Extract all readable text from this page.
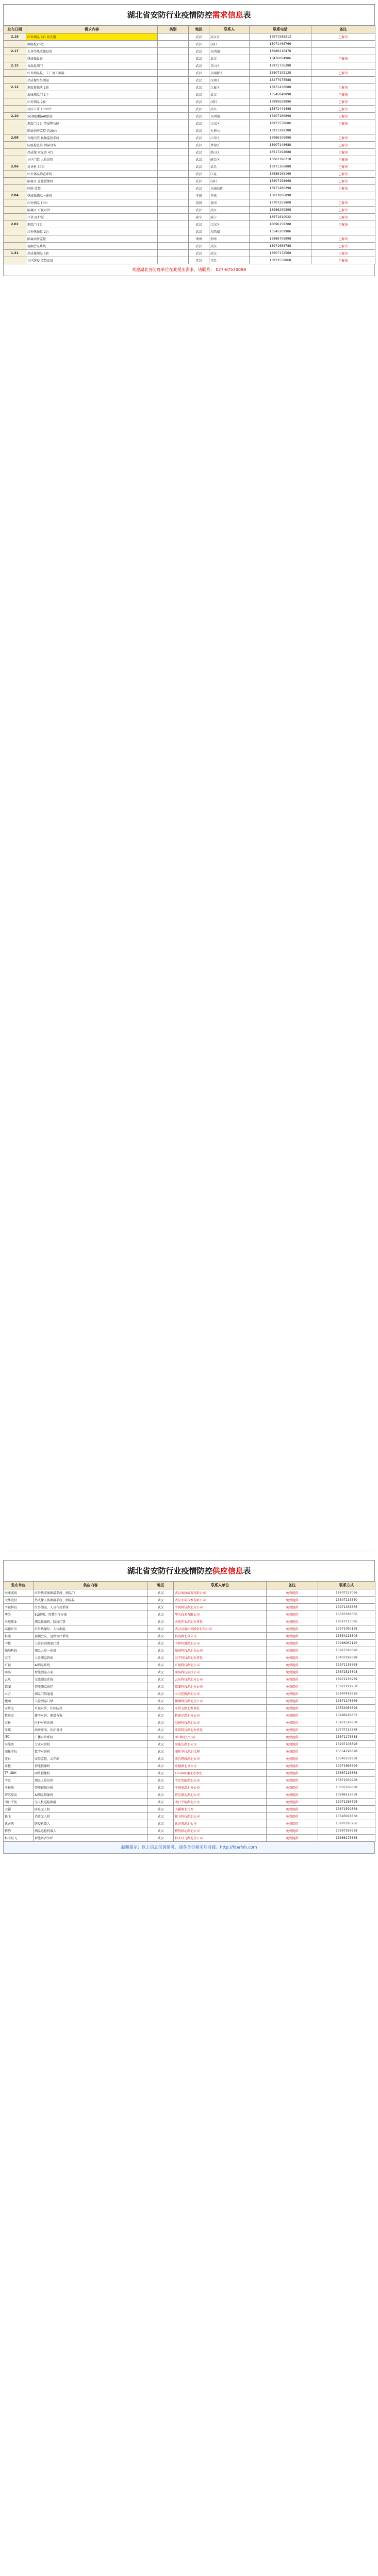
湖北省安防行业疫情防控需求信息表
发布日期	需求内容	类别	地区	联系人	联系电话	备注
2.19	红外测温 8台 双光谱		武汉	武汉市	13971588213	已解决
	额温枪20把		武汉	汉阳	15071468766	
2.17	大华等热成像设备		武汉	东西湖	18986216478	
	热成像设备		武汉	武汉	13476004986	已解决
2.15	体温检测门		武汉	青山区	13871736288	
	红外测温仪、工厂复工测温		武汉	东湖新区	13807193128	已解决
	热成像红外测温		武汉	汉南区	13277975588	
2.12	测温摄像头 1套		武汉	江夏区	13871436688	已解决
	海康测温门 1个		武汉	武汉	13545048898	已解决
	红外测温 2套		武汉	汉阳	13995628896	已解决
	社区口罩 1000个		武汉	武昌	15871441488	已解决
2.10	5G测温帽/AR眼镜		武汉	东西湖	13207186898	已解决
	测温门 2台 带报警功能		武汉	江汉区	18971558686	已解决
	隔离病房监控 约20台		武汉	火神山	13971299388	
2.08	方舱医院 视频监控系统		武汉	江岸区	13986106996	已解决
	防疫检查站 测温设备		武汉	蔡甸区	18907148688	已解决
	热成像 双光谱 4台		武汉	洪山区	13517294688	已解决
	小区门禁 人脸识别		武汉	硚口区	13607196218	已解决
2.06	对讲机 50台		武汉	武昌	13971366888	已解决
	红外体温筛查系统		武汉	江夏	13886185166	已解决
	隔离点 监控摄像机		武汉	汉阳	13307158968	已解决
	医院 监控		武汉	东湖高新	13971486298	已解决
2.04	热成像测温一体机		孝感	孝感	13872006898	
	红外测温 10台		黄冈	黄冈	13707255808	已解决
	隔离区 可视对讲		武汉	武汉	13986299398	已解决
	口罩 防护服		咸宁	咸宁	13971810022	已解决
2.02	测温门 3台		武汉	江汉区	18696158288	已解决
	红外热像仪 2台		武汉	东西湖	13545209986	
	隔离病房监控		荆州	荆州	13886706898	已解决
	视频会议系统		武汉	武汉	13971658788	已解决
1.31	热成像测温 5套		武汉	武汉	13607172568	已解决
	社区防疫 监控设备		宜昌	宜昌	13872558868	已解决
欢迎湖北各防疫单位在此提出需求，请联系： 027-87570098
湖北省安防行业疫情防控供应信息表
发布单位	供应内容	地区	联系人单位	备注	联系方式
海康威视	红外热成像测温系统、测温门	武汉	武汉海康威视有限公司	免费提供	18607157066
大华股份	热成像人体测温系统、测温仪	武汉	武汉大华技术有限公司	免费提供	13807133580
宇视科技	红外测温、人员布控系统	武汉	宇视科技湖北分公司	免费提供	13971338866
华为	5G视频、智慧医疗方案	武汉	华为技术有限公司	免费提供	13307186666
天地伟业	测温摄像机、防疫门禁	武汉	天地伟业湖北办事处	免费提供	18627113696
高德红外	红外热像仪、人体测温	武汉	武汉高德红外股份有限公司	免费提供	13971095138
科达	视频会议、远程诊疗系统	武汉	科达湖北分公司	免费提供	13554218808
中控	人脸识别测温门禁	武汉	中控智慧湖北公司	免费提供	13986067126
熵基科技	测温人脸一体机	武汉	熵基科技湖北分公司	免费提供	15927318890
汉王	人脸测温终端	武汉	汉王科技湖北办事处	免费提供	13437196698
旷视	AI测温系统	武汉	旷视科技湖北公司	免费提供	13971136568
商汤	智能测温方案	武汉	商汤科技武汉公司	免费提供	13872515808
云从	无感测温系统	武汉	云从科技湖北分公司	免费提供	18971236989
依图	智能测温布控	武汉	依图科技湖北分公司	免费提供	13627219958
立方	测温门禁通道	武汉	立方控股湖北公司	免费提供	15997418826
捷顺	人脸测温门禁	武汉	捷顺科技湖北分公司	免费提供	13871248866
安居宝	可视对讲、社区防控	武汉	安居宝湖北办事处	免费提供	13554056698
狄耐克	楼宇对讲、测温方案	武汉	狄耐克湖北分公司	免费提供	13986218852
冠林	医护对讲系统	武汉	冠林科技湖北公司	免费提供	13971519838
来邦	病房呼叫、医护对讲	武汉	来邦科技湖北办事处	免费提供	13707113288
ITC	广播对讲系统	武汉	ITC湖北分公司	免费提供	13871175688
海能达	专业对讲机	武汉	海能达湖北公司	免费提供	13907108898
摩托罗拉	数字对讲机	武汉	摩托罗拉湖北代理	免费提供	13554198898
萤石	家用监控、云存储	武汉	萤石网络湖北公司	免费提供	13545158868
乐橙	智能摄像机	武汉	乐橙湖北分公司	免费提供	13971668896
TP-LINK	网络摄像机	武汉	TP-LINK湖北办事处	免费提供	13667218868
宇泛	测温人脸识别	武汉	宇泛智能湖北公司	免费提供	13871039968
千视通	智能视频分析	武汉	千视通湖北分公司	免费提供	13607168888
智芯原动	AI测温摄像机	武汉	智芯原动湖北公司	免费提供	13986122638
明日宇航	无人机巡检测温	武汉	明日宇航湖北公司	免费提供	13971288798
大疆	防疫无人机	武汉	大疆湖北代理	免费提供	13871599868
极飞	消毒无人机	武汉	极飞科技湖北公司	免费提供	13545078868
优必选	防疫机器人	武汉	优必选湖北公司	免费提供	13807185966
猎豹	测温巡检机器人	武汉	猎豹移动湖北公司	免费提供	13697356698
科大讯飞	智能语音外呼	武汉	科大讯飞湖北分公司	免费提供	13886178868
温馨提示：以上信息仅供参考，请各单位核实后对接。http://hbafxh.com
